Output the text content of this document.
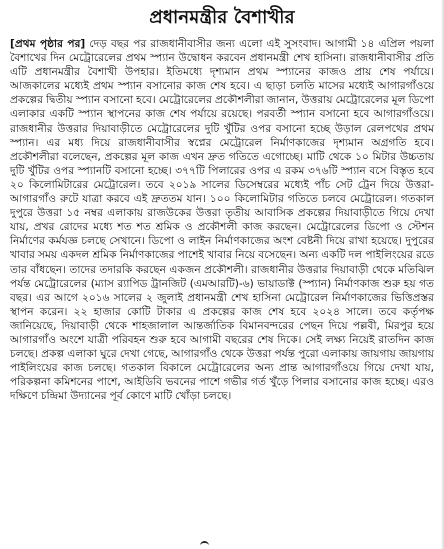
প্রধানমন্ত্রীর বৈশাখীর

[প্রথম পৃষ্ঠার পর] দেড় বছর পর রাজধানীবাসীর জন্য এলো এই সুসংবাদ। আগামী ১৪ এপ্রিল পয়লা বৈশাখের দিন মেট্রোরেলের প্রথম স্প্যান উদ্বোধন করবেন প্রধানমন্ত্রী শেখ হাসিনা। রাজধানীবাসীর প্রতি এটি প্রধানমন্ত্রীর বৈশাখী উপহার। ইতিমধ্যে দৃশ্যমান প্রথম স্প্যানের কাজও প্রায় শেষ পর্যায়ে। আজকালের মধ্যেই প্রথম স্প্যান বসানোর কাজ শেষ হবে। এ ছাড়া চলতি মাসের মধ্যেই আগারগাঁওয়ে প্রকল্পের দ্বিতীয় স্প্যান বসানো হবে। মেট্রোরেলের প্রকৌশলীরা জানান, উত্তরায় মেট্রোরেলের মূল ডিপো এলাকার একটি স্প্যান স্থাপনের কাজ শেষ পর্যায়ে রয়েছে। পরবর্তী স্প্যান বসানো হবে আগারগাঁওয়ে। রাজধানীর উত্তরার দিয়াবাড়ীতে মেট্রোরেলের দুটি খুঁটির ওপর বসানো হচ্ছে উড়াল রেলপথের প্রথম স্প্যান। এর মধ্য দিয়ে রাজধানীবাসীর স্বপ্নের মেট্রোরেল নির্মাণকাজের দৃশ্যমান অগ্রগতি হবে। প্রকৌশলীরা বলেছেন, প্রকল্পের মূল কাজ এখন দ্রুত গতিতে এগোচ্ছে। মাটি থেকে ১০ মিটার উচ্চতায় দুটি খুঁটির ওপর স্প্যানটি বসানো হচ্ছে। ৩৭৭টি পিলারের ওপর এ রকম ৩৭৬টি স্প্যান বসে বিস্তৃত হবে ২০ কিলোমিটারের মেট্রোরেল। তবে ২০১৯ সালের ডিসেম্বরের মধ্যেই পাঁচ সেট ট্রেন দিয়ে উত্তরা-আগারগাঁও রুটে যাত্রা করবে এই দ্রুততম যান। ১০০ কিলোমিটার গতিতে চলবে মেট্রোরেল। গতকাল দুপুরে উত্তরা ১৫ নম্বর এলাকায় রাজউকের উত্তরা তৃতীয় আবাসিক প্রকল্পের দিয়াবাড়ীতে গিয়ে দেখা যায়, প্রখর রোদের মধ্যে শত শত শ্রমিক ও প্রকৌশলী কাজ করছেন। মেট্রোরেলের ডিপো ও স্টেশন নির্মাণের কর্মযজ্ঞ চলছে সেখানে। ডিপো ও লাইন নির্মাণকাজের অংশ বেষ্টনী দিয়ে রাখা হয়েছে। দুপুরের খাবার সময় একদল শ্রমিক নির্মাণকাজের পাশেই খাবার নিয়ে বসেছেন। অন্য একটি দল পাইলিংয়ের রডে তার বাঁধছেন। তাদের তদারকি করছেন একজন প্রকৌশলী। রাজধানীর উত্তরার দিয়াবাড়ী থেকে মতিঝিল পর্যন্ত মেট্রোরেলের (ম্যাস র‍্যাপিড ট্রানজিট (এমআরটি)-৬) ভায়াডাক্ট (স্প্যান) নির্মাণকাজ শুরু হয় গত বছর। এর আগে ২০১৬ সালের ২ জুলাই প্রধানমন্ত্রী শেখ হাসিনা মেট্রোরেল নির্মাণকাজের ভিত্তিপ্রস্তর স্থাপন করেন। ২২ হাজার কোটি টাকার এ প্রকল্পের কাজ শেষ হবে ২০২৪ সালে। তবে কর্তৃপক্ষ জানিয়েছে, দিয়াবাড়ী থেকে শাহজালাল আন্তর্জাতিক বিমানবন্দরের পেছন দিয়ে পল্লবী, মিরপুর হয়ে আগারগাঁও অংশে যাত্রী পরিবহন শুরু হবে আগামী বছরের শেষ দিকে। সেই লক্ষ্য নিয়েই রাতদিন কাজ চলছে। প্রকল্প এলাকা ঘুরে দেখা গেছে, আগারগাঁও থেকে উত্তরা পর্যন্ত পুরো এলাকায় জায়গায় জায়গায় পাইলিংয়ের কাজ চলছে। গতকাল বিকালে মেট্রোরেলের অন্য প্রান্ত আগারগাঁওয়ে গিয়ে দেখা যায়, পরিকল্পনা কমিশনের পাশে, আইডিবি ভবনের পাশে গভীর গর্ত খুঁড়ে পিলার বসানোর কাজ হচ্ছে। এরও দক্ষিণে চন্দ্রিমা উদ্যানের পূর্ব কোণে মাটি খোঁড়া চলছে।
